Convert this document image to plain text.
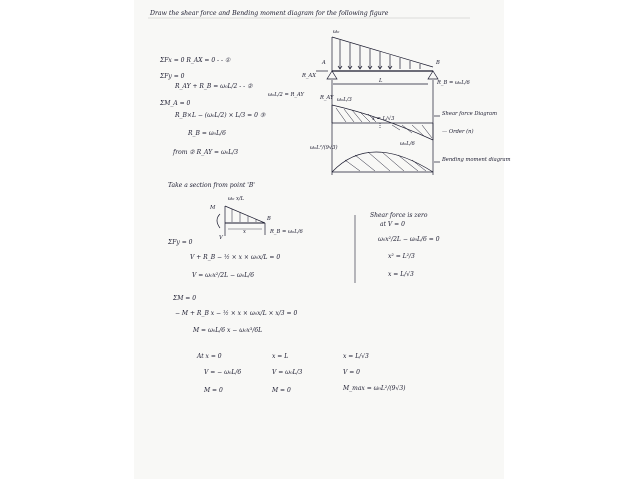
Draw the shear force and Bending moment diagram for the following figure
ω₀
A	B
L
R_AX
R_AY
R_B = ω₀L/6
ω₀L/3
ω₀L/6
x = L/√3
ω₀L²/(9√3)
Shear force Diagram
— Order (n)
Bending moment diagram
ΣFx = 0 R_AX = 0 - - ①
ΣFy = 0
R_AY + R_B = ω₀L/2 - - ②
ω₀L/2 = R_AY
ΣM_A = 0
R_B×L − (ω₀L/2) × L/3 = 0 ③
R_B = ω₀L/6
from ② R_AY = ω₀L/3
Take a section from point 'B'
ω₀ x/L
M
V
x
B
R_B = ω₀L/6
ΣFy = 0
V + R_B − ½ × x × ω₀x/L = 0
V = ω₀x²/2L − ω₀L/6
ΣM = 0
− M + R_B x − ½ × x × ω₀x/L × x/3 = 0
M = ω₀L/6 x − ω₀x³/6L
Shear force is zero
at V = 0
ω₀x²/2L − ω₀L/6 = 0
x² = L²/3
x = L/√3
At x = 0
V = − ω₀L/6
M = 0
x = L
V = ω₀L/3
M = 0
x = L/√3
V = 0
M_max = ω₀L²/(9√3)
